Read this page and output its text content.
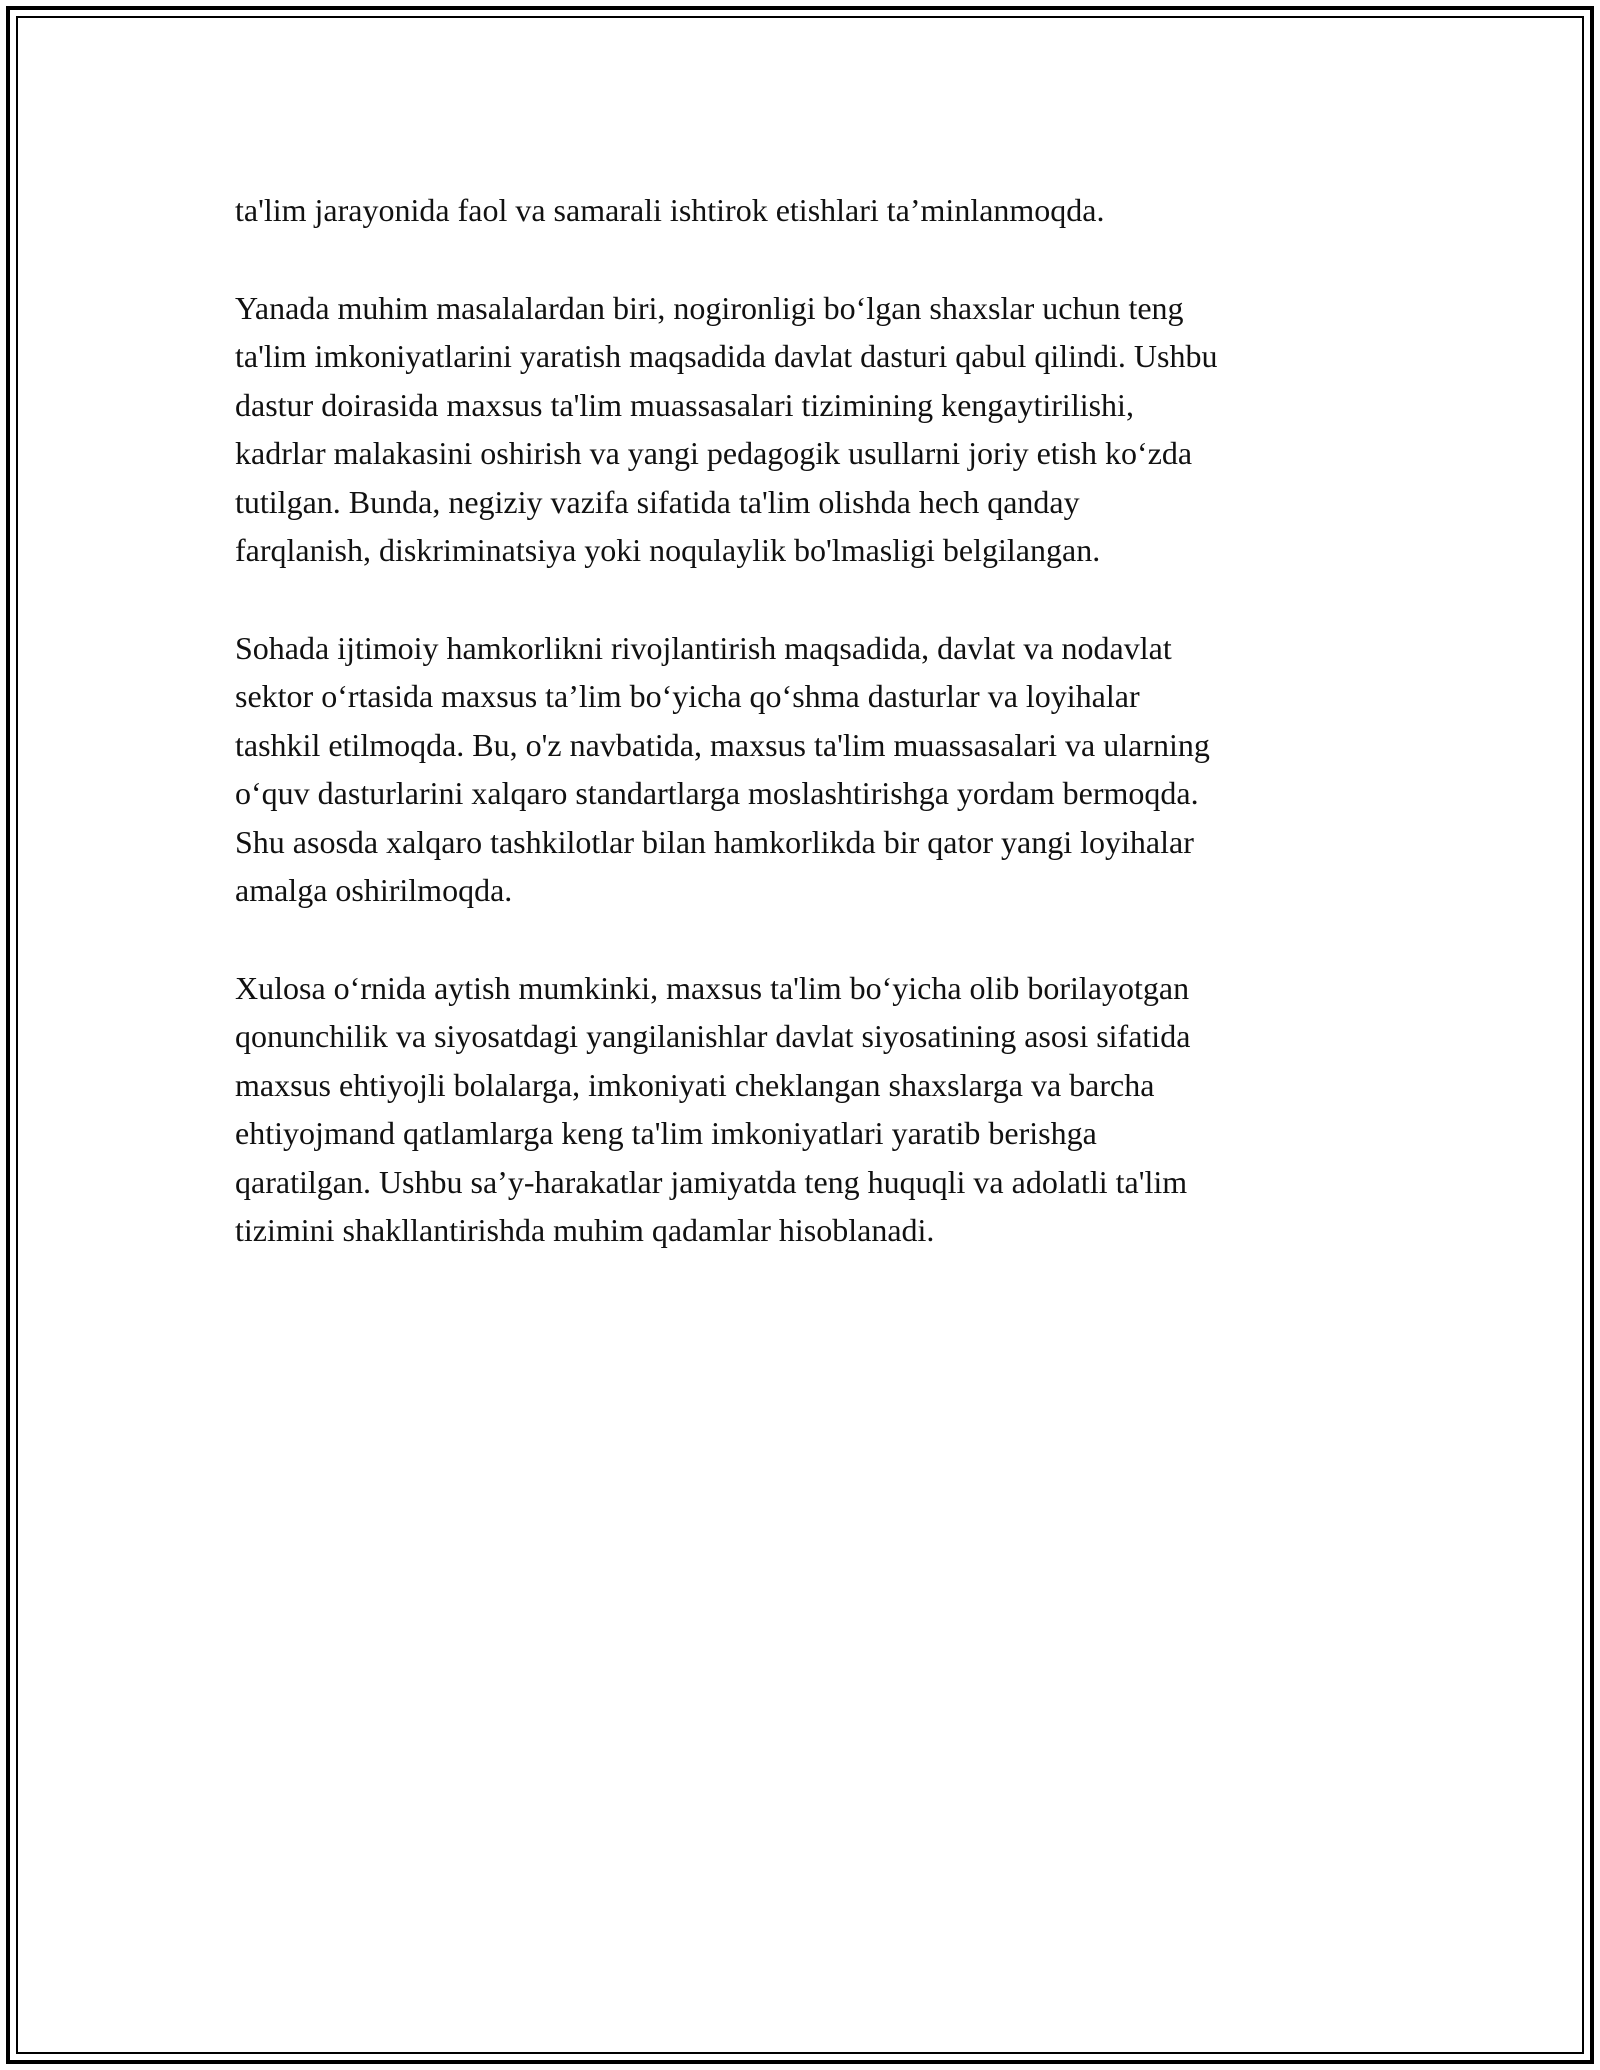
ta'lim jarayonida faol va samarali ishtirok etishlari ta’minlanmoqda.

Yanada muhim masalalardan biri, nogironligi bo‘lgan shaxslar uchun teng
ta'lim imkoniyatlarini yaratish maqsadida davlat dasturi qabul qilindi. Ushbu
dastur doirasida maxsus ta'lim muassasalari tizimining kengaytirilishi,
kadrlar malakasini oshirish va yangi pedagogik usullarni joriy etish ko‘zda
tutilgan. Bunda, negiziy vazifa sifatida ta'lim olishda hech qanday
farqlanish, diskriminatsiya yoki noqulaylik bo'lmasligi belgilangan.

Sohada ijtimoiy hamkorlikni rivojlantirish maqsadida, davlat va nodavlat
sektor o‘rtasida maxsus ta’lim bo‘yicha qo‘shma dasturlar va loyihalar
tashkil etilmoqda. Bu, o'z navbatida, maxsus ta'lim muassasalari va ularning
o‘quv dasturlarini xalqaro standartlarga moslashtirishga yordam bermoqda.
Shu asosda xalqaro tashkilotlar bilan hamkorlikda bir qator yangi loyihalar
amalga oshirilmoqda.

Xulosa o‘rnida aytish mumkinki, maxsus ta'lim bo‘yicha olib borilayotgan
qonunchilik va siyosatdagi yangilanishlar davlat siyosatining asosi sifatida
maxsus ehtiyojli bolalarga, imkoniyati cheklangan shaxslarga va barcha
ehtiyojmand qatlamlarga keng ta'lim imkoniyatlari yaratib berishga
qaratilgan. Ushbu sa’y-harakatlar jamiyatda teng huquqli va adolatli ta'lim
tizimini shakllantirishda muhim qadamlar hisoblanadi.
